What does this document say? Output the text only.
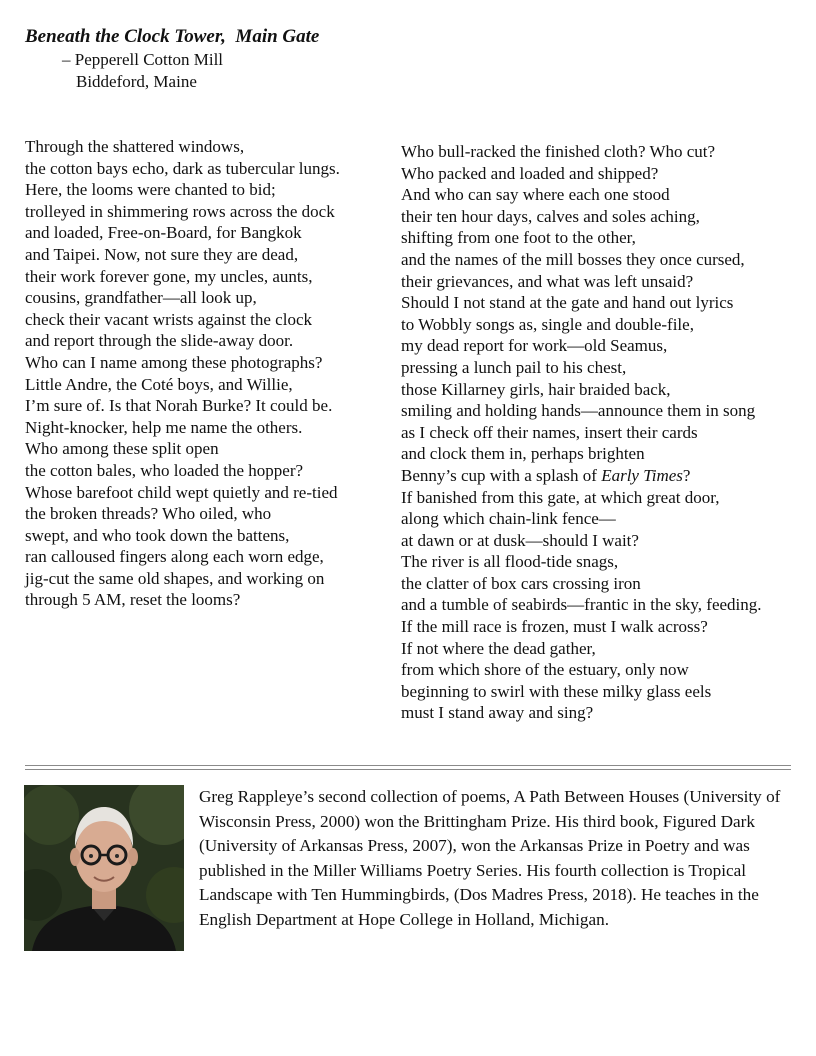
Beneath the Clock Tower,  Main Gate
– Pepperell Cotton Mill
Biddeford, Maine
Through the shattered windows,
the cotton bays echo, dark as tubercular lungs.
Here, the looms were chanted to bid;
trolleyed in shimmering rows across the dock
and loaded, Free-on-Board, for Bangkok
and Taipei. Now, not sure they are dead,
their work forever gone, my uncles, aunts,
cousins, grandfather—all look up,
check their vacant wrists against the clock
and report through the slide-away door.
Who can I name among these photographs?
Little Andre, the Coté boys, and Willie,
I’m sure of. Is that Norah Burke? It could be.
Night-knocker, help me name the others.
Who among these split open
the cotton bales, who loaded the hopper?
Whose barefoot child wept quietly and re-tied
the broken threads? Who oiled, who
swept, and who took down the battens,
ran calloused fingers along each worn edge,
jig-cut the same old shapes, and working on
through 5 AM, reset the looms?
Who bull-racked the finished cloth? Who cut?
Who packed and loaded and shipped?
And who can say where each one stood
their ten hour days, calves and soles aching,
shifting from one foot to the other,
and the names of the mill bosses they once cursed,
their grievances, and what was left unsaid?
Should I not stand at the gate and hand out lyrics
to Wobbly songs as, single and double-file,
my dead report for work—old Seamus,
pressing a lunch pail to his chest,
those Killarney girls, hair braided back,
smiling and holding hands—announce them in song
as I check off their names, insert their cards
and clock them in, perhaps brighten
Benny’s cup with a splash of Early Times?
If banished from this gate, at which great door,
along which chain-link fence—
at dawn or at dusk—should I wait?
The river is all flood-tide snags,
the clatter of box cars crossing iron
and a tumble of seabirds—frantic in the sky, feeding.
If the mill race is frozen, must I walk across?
If not where the dead gather,
from which shore of the estuary, only now
beginning to swirl with these milky glass eels
must I stand away and sing?
Greg Rappleye’s second collection of poems, A Path Between Houses (University of Wisconsin Press, 2000) won the Brittingham Prize. His third book, Figured Dark (University of Arkansas Press, 2007), won the Arkansas Prize in Poetry and was published in the Miller Williams Poetry Series. His fourth collection is Tropical Landscape with Ten Hummingbirds, (Dos Madres Press, 2018). He teaches in the English Department at Hope College in Holland, Michigan.
